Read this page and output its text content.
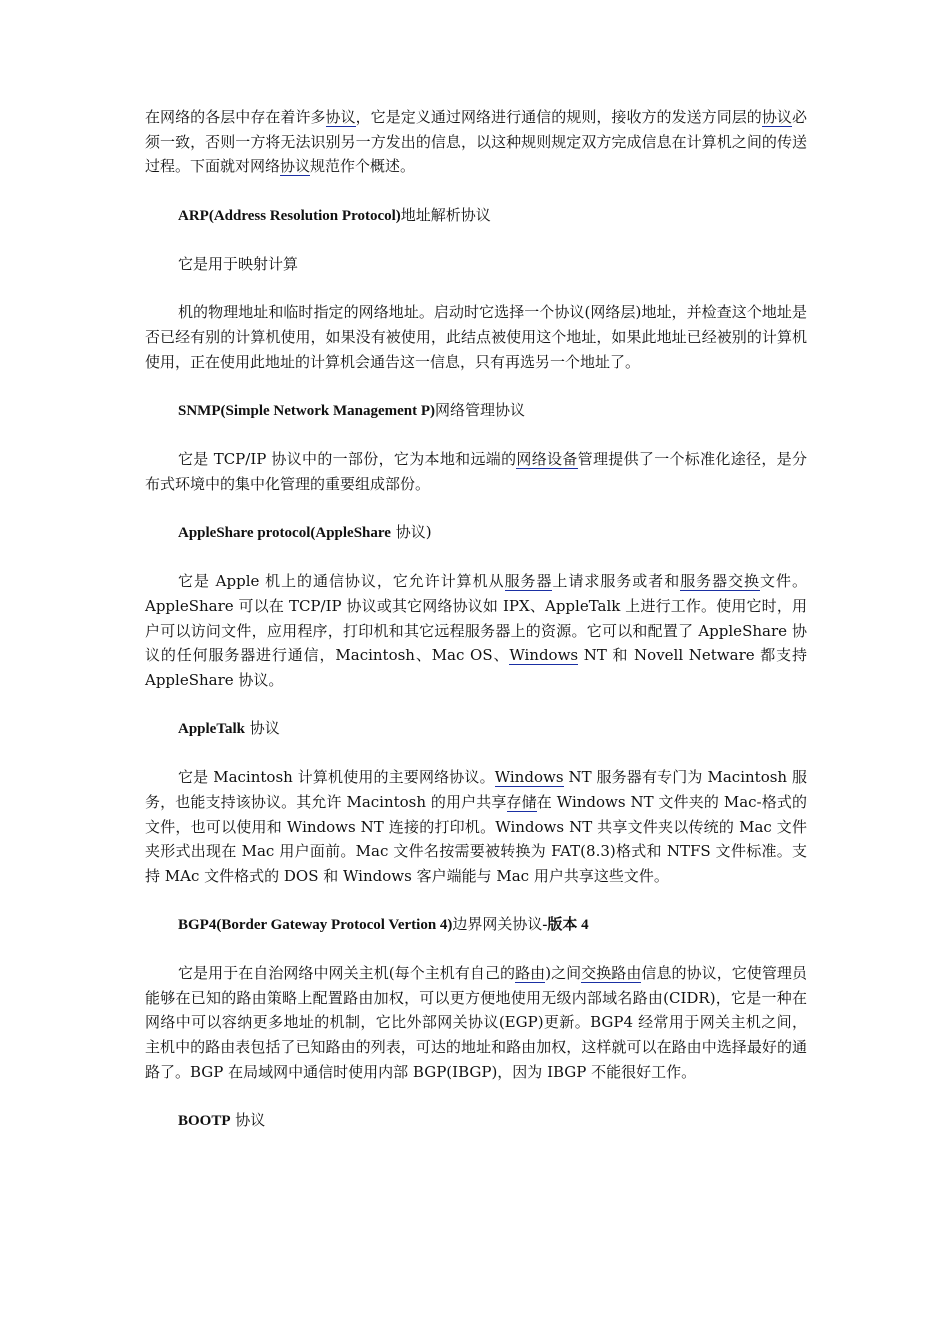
在网络的各层中存在着许多协议，它是定义通过网络进行通信的规则，接收方的发送方同层的协议必须一致，否则一方将无法识别另一方发出的信息，以这种规则规定双方完成信息在计算机之间的传送过程。下面就对网络协议规范作个概述。

ARP(Address Resolution Protocol)地址解析协议

它是用于映射计算

机的物理地址和临时指定的网络地址。启动时它选择一个协议(网络层)地址，并检查这个地址是否已经有别的计算机使用，如果没有被使用，此结点被使用这个地址，如果此地址已经被别的计算机使用，正在使用此地址的计算机会通告这一信息，只有再选另一个地址了。

SNMP(Simple Network Management P)网络管理协议

它是 TCP/IP 协议中的一部份，它为本地和远端的网络设备管理提供了一个标准化途径，是分布式环境中的集中化管理的重要组成部份。

AppleShare protocol(AppleShare 协议)

它是 Apple 机上的通信协议，它允许计算机从服务器上请求服务或者和服务器交换文件。AppleShare 可以在 TCP/IP 协议或其它网络协议如 IPX、AppleTalk 上进行工作。使用它时，用户可以访问文件，应用程序，打印机和其它远程服务器上的资源。它可以和配置了 AppleShare 协议的任何服务器进行通信，Macintosh、Mac OS、Windows NT 和 Novell Netware 都支持 AppleShare 协议。

AppleTalk 协议

它是 Macintosh 计算机使用的主要网络协议。Windows NT 服务器有专门为 Macintosh 服务，也能支持该协议。其允许 Macintosh 的用户共享存储在 Windows NT 文件夹的 Mac-格式的文件，也可以使用和 Windows NT 连接的打印机。Windows NT 共享文件夹以传统的 Mac 文件夹形式出现在 Mac 用户面前。Mac 文件名按需要被转换为 FAT(8.3)格式和 NTFS 文件标准。支持 MAc 文件格式的 DOS 和 Windows 客户端能与 Mac 用户共享这些文件。

BGP4(Border Gateway Protocol Vertion 4)边界网关协议-版本 4

它是用于在自治网络中网关主机(每个主机有自己的路由)之间交换路由信息的协议，它使管理员能够在已知的路由策略上配置路由加权，可以更方便地使用无级内部域名路由(CIDR)，它是一种在网络中可以容纳更多地址的机制，它比外部网关协议(EGP)更新。BGP4 经常用于网关主机之间，主机中的路由表包括了已知路由的列表，可达的地址和路由加权，这样就可以在路由中选择最好的通路了。BGP 在局域网中通信时使用内部 BGP(IBGP)，因为 IBGP 不能很好工作。

BOOTP 协议
